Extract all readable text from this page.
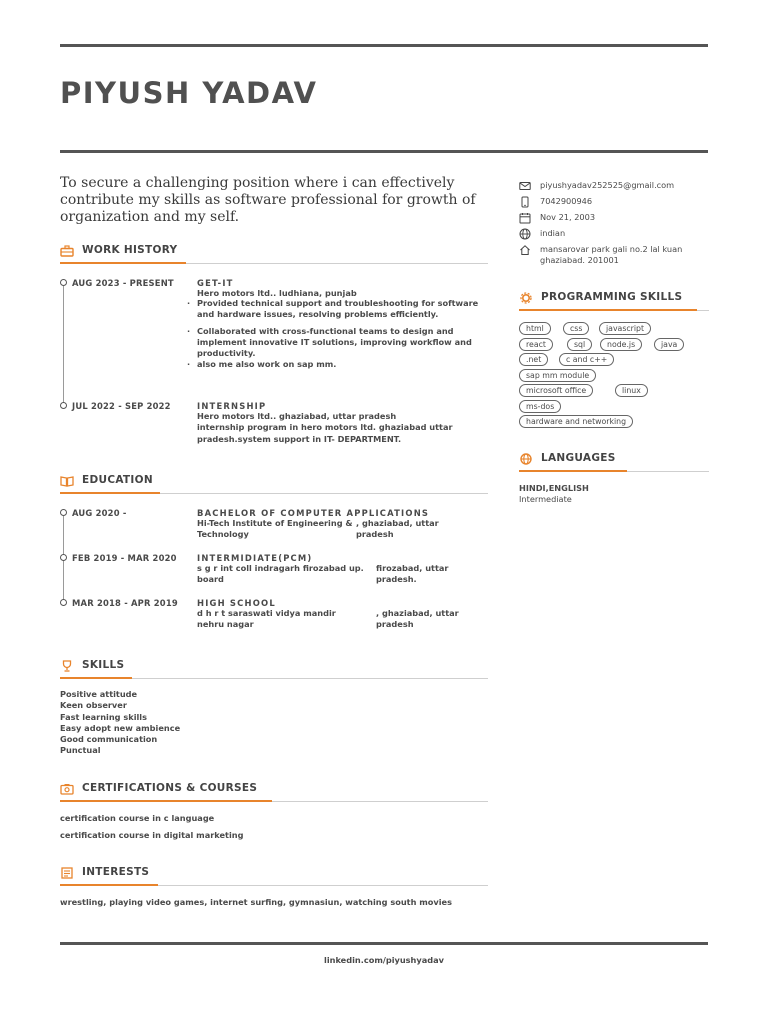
PIYUSH YADAV
To secure a challenging position where i can effectively contribute my skills as software professional for growth of organization and my self.
WORK HISTORY
AUG 2023 - PRESENT	GET-IT
Hero motors ltd.. ludhiana, punjab
· Provided technical support and troubleshooting for software and hardware issues, resolving problems efficiently.
· Collaborated with cross-functional teams to design and implement innovative IT solutions, improving workflow and productivity.
· also me also work on sap mm.
JUL 2022 - SEP 2022	INTERNSHIP
Hero motors ltd.. ghaziabad, uttar pradesh
internship program in hero motors ltd. ghaziabad uttar pradesh.system support in IT- DEPARTMENT.
EDUCATION
AUG 2020 -	BACHELOR OF COMPUTER APPLICATIONS
Hi-Tech Institute of Engineering & Technology
, ghaziabad, uttar pradesh
FEB 2019 - MAR 2020 INTERMIDIATE(PCM)
s g r int coll indragarh firozabad up. board
firozabad, uttar pradesh.
MAR 2018 - APR 2019 HIGH SCHOOL
d h r t saraswati vidya mandir nehru nagar
, ghaziabad, uttar pradesh
SKILLS
Positive attitude
Keen observer
Fast learning skills
Easy adopt new ambience
Good communication
Punctual
CERTIFICATIONS & COURSES
certification course in c language
certification course in digital marketing
INTERESTS
wrestling, playing video games, internet surfing, gymnasiun, watching south movies
piyushyadav252525@gmail.com
7042900946
Nov 21, 2003
indian
mansarovar park gali no.2 lal kuan ghaziabad. 201001
PROGRAMMING SKILLS
html	css	javascript
react	sql	node.js	java
.net	c and c++
sap mm module
microsoft office	linux
ms-dos
hardware and networking
LANGUAGES
HINDI,ENGLISH
Intermediate
linkedin.com/piyushyadav
